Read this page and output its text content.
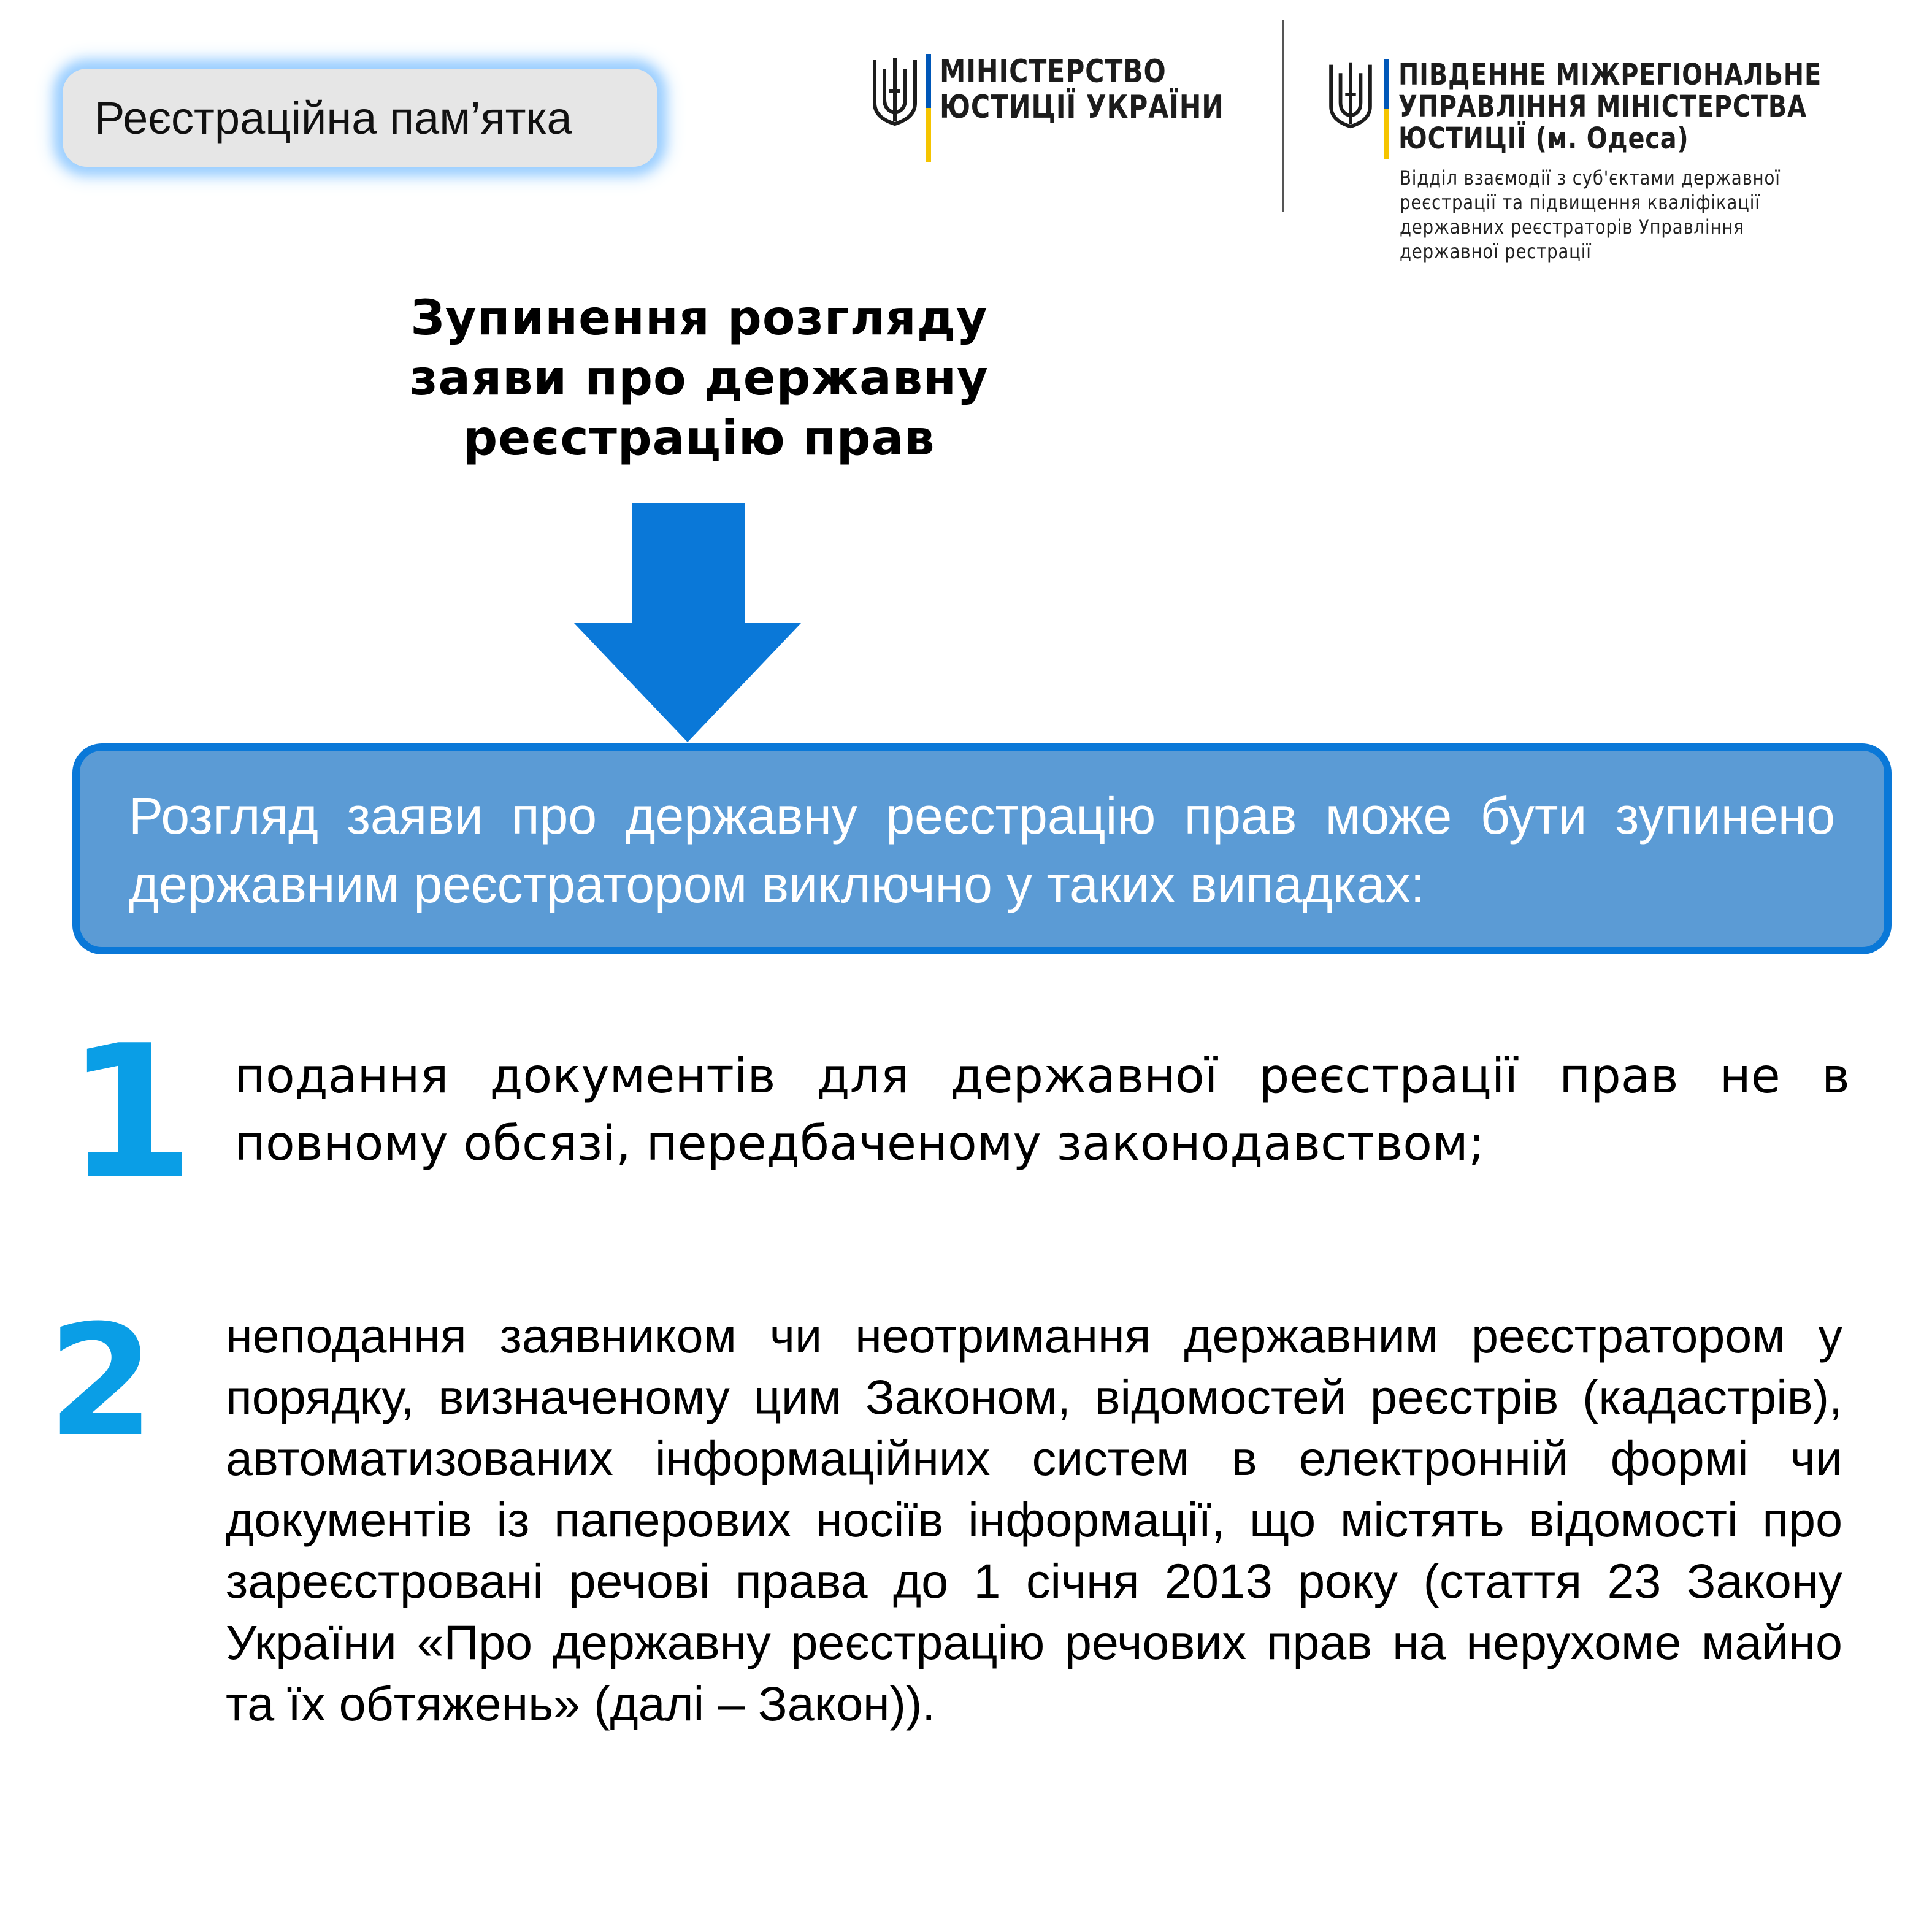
Реєстраційна пам’ятка
МІНІСТЕРСТВО
ЮСТИЦІЇ УКРАЇНИ
ПІВДЕННЕ МІЖРЕГІОНАЛЬНЕ
УПРАВЛІННЯ МІНІСТЕРСТВА
ЮСТИЦІЇ (м. Одеса)
Відділ взаємодії з суб'єктами державної
реєстрації та підвищення кваліфікації
державних реєстраторів Управління
державної рестрації
Зупинення розгляду
заяви про державну
реєстрацію прав
Розгляд заяви про державну реєстрацію прав може бути зупинено державним реєстратором виключно у таких випадках:
1 подання документів для державної реєстрації прав не в повному обсязі, передбаченому законодавством;
2 неподання заявником чи неотримання державним реєстратором у порядку, визначеному цим Законом, відомостей реєстрів (кадастрів), автоматизованих інформаційних систем в електронній формі чи документів із паперових носіїв інформації, що містять відомості про зареєстровані речові права до 1 січня 2013 року (стаття 23 Закону України «Про державну реєстрацію речових прав на нерухоме майно та їх обтяжень» (далі – Закон)).
